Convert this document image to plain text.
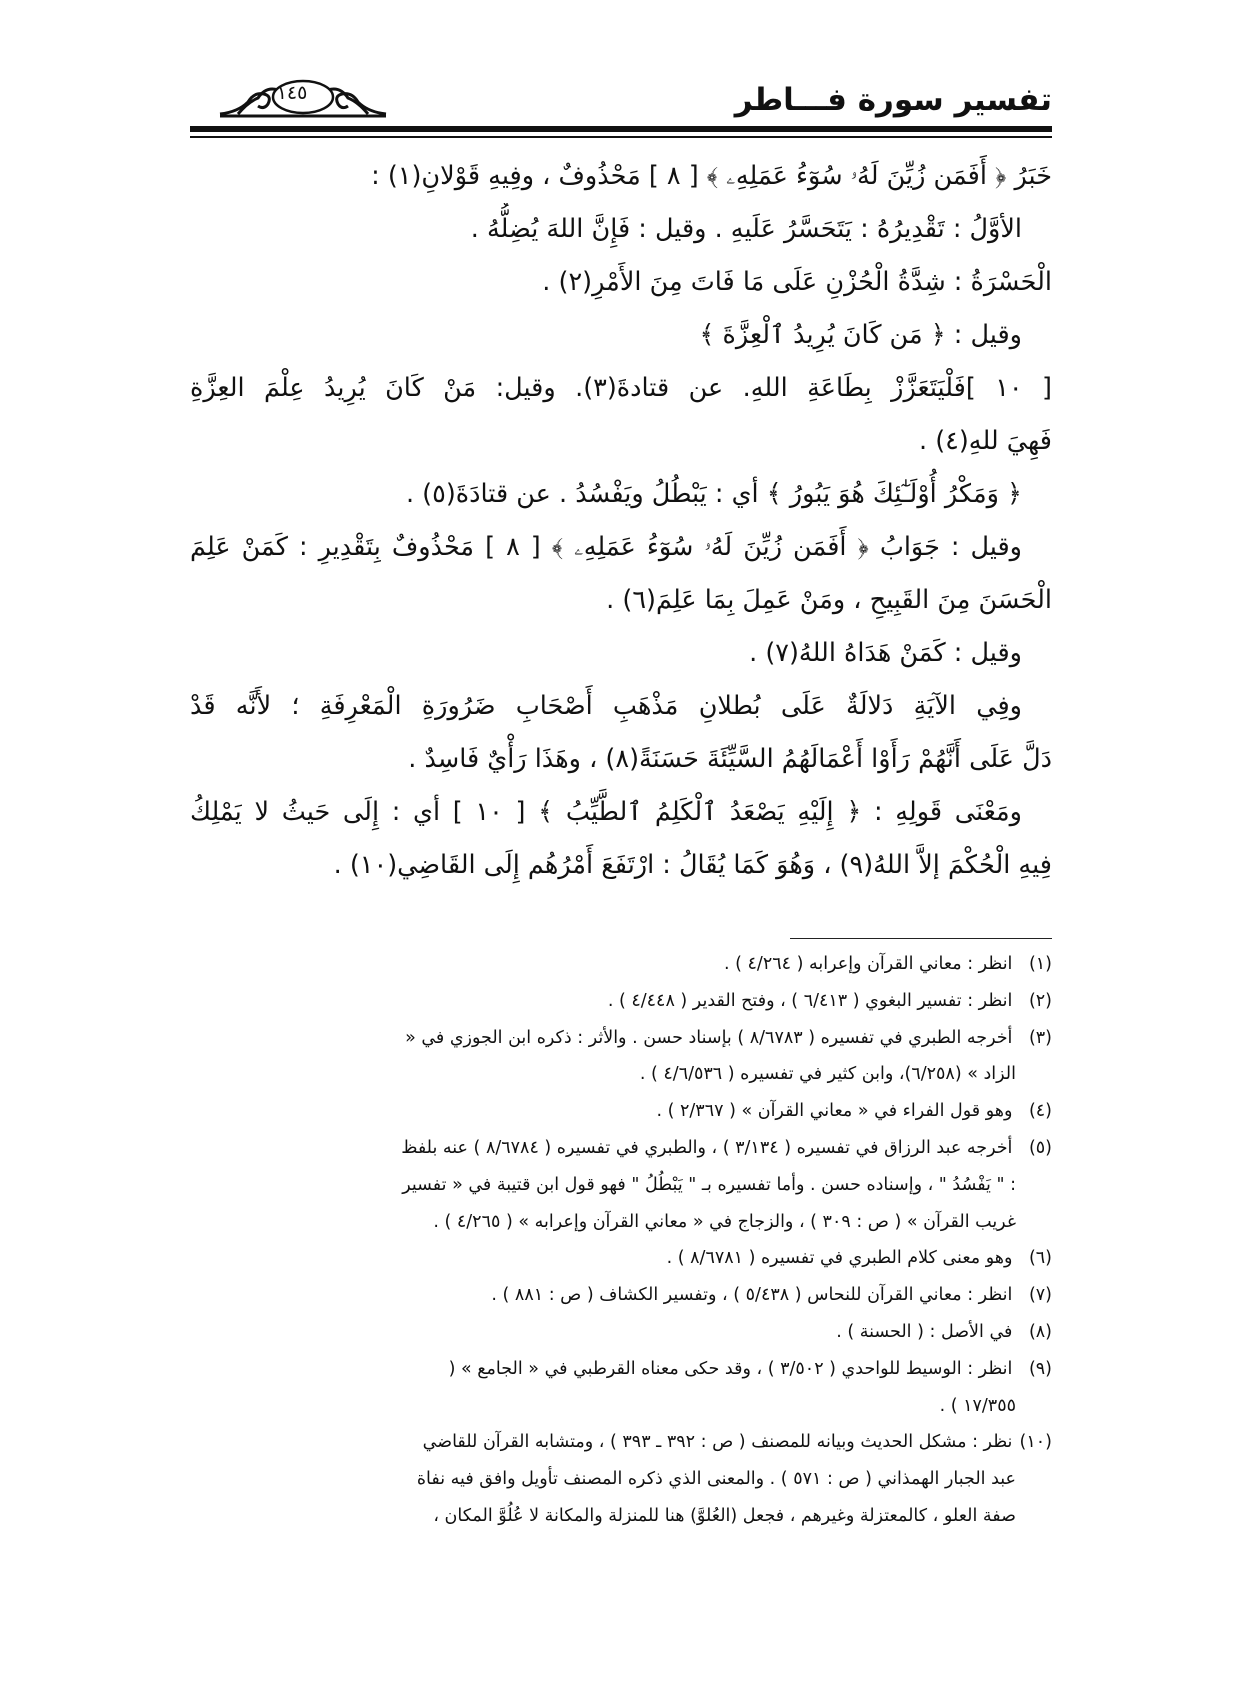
تفسير سورة فـــاطر
١٤٥
خَبَرُ ﴿ أَفَمَن زُيِّنَ لَهُۥ سُوٓءُ عَمَلِهِۦ ﴾ [ ٨ ] مَحْذُوفٌ ، وفِيهِ قَوْلانِ(١) :
الأوَّلُ : تَقْدِيرُهُ : يَتَحَسَّرُ عَلَيهِ . وقيل : فَإِنَّ اللهَ يُضِلُّهُ .
الْحَسْرَةُ : شِدَّةُ الْحُزْنِ عَلَى مَا فَاتَ مِنَ الأَمْرِ(٢) .
وقيل : ﴿ مَن كَانَ يُرِيدُ ٱلْعِزَّةَ ﴾
[ ١٠ ]فَلْيَتَعَزَّزْ بِطَاعَةِ اللهِ. عن قتادةَ(٣). وقيل: مَنْ كَانَ يُرِيدُ عِلْمَ العِزَّةِ
فَهِيَ للهِ(٤) .
﴿ وَمَكْرُ أُوْلَـٰٓئِكَ هُوَ يَبُورُ ﴾ أي : يَبْطُلُ ويَفْسُدُ . عن قتادَةَ(٥) .
وقيل : جَوَابُ ﴿ أَفَمَن زُيِّنَ لَهُۥ سُوٓءُ عَمَلِهِۦ ﴾ [ ٨ ] مَحْذُوفٌ بِتَقْدِيرِ : كَمَنْ عَلِمَ
الْحَسَنَ مِنَ القَبِيحِ ، ومَنْ عَمِلَ بِمَا عَلِمَ(٦) .
وقيل : كَمَنْ هَدَاهُ اللهُ(٧) .
وفِي الآيَةِ دَلالَةٌ عَلَى بُطلانِ مَذْهَبِ أَصْحَابِ ضَرُورَةِ الْمَعْرِفَةِ ؛ لأَنَّه قَدْ
دَلَّ عَلَى أَنَّهُمْ رَأَوْا أَعْمَالَهُمُ السَّيِّئَةَ حَسَنَةً(٨) ، وهَذَا رَأْيٌ فَاسِدٌ .
ومَعْنَى قَولِهِ : ﴿ إِلَيْهِ يَصْعَدُ ٱلْكَلِمُ ٱلطَّيِّبُ ﴾ [ ١٠ ] أي : إِلَى حَيثُ لا يَمْلِكُ
فِيهِ الْحُكْمَ إلاَّ اللهُ(٩) ، وَهُوَ كَمَا يُقَالُ : ارْتَفَعَ أَمْرُهُم إِلَى القَاضِي(١٠) .
(١) انظر : معاني القرآن وإعرابه ( ٤/٢٦٤ ) .
(٢) انظر : تفسير البغوي ( ٦/٤١٣ ) ، وفتح القدير ( ٤/٤٤٨ ) .
(٣) أخرجه الطبري في تفسيره ( ٨/٦٧٨٣ ) بإسناد حسن . والأثر : ذكره ابن الجوزي في «
الزاد » (٦/٢٥٨)، وابن كثير في تفسيره ( ٤/٦/٥٣٦ ) .
(٤) وهو قول الفراء في « معاني القرآن » ( ٢/٣٦٧ ) .
(٥) أخرجه عبد الرزاق في تفسيره ( ٣/١٣٤ ) ، والطبري في تفسيره ( ٨/٦٧٨٤ ) عنه بلفظ
: " يَفْسُدُ " ، وإسناده حسن . وأما تفسيره بـ " يَبْطُلُ " فهو قول ابن قتيبة في « تفسير
غريب القرآن » ( ص : ٣٠٩ ) ، والزجاج في « معاني القرآن وإعرابه » ( ٤/٢٦٥ ) .
(٦) وهو معنى كلام الطبري في تفسيره ( ٨/٦٧٨١ ) .
(٧) انظر : معاني القرآن للنحاس ( ٥/٤٣٨ ) ، وتفسير الكشاف ( ص : ٨٨١ ) .
(٨) في الأصل : ( الحسنة ) .
(٩) انظر : الوسيط للواحدي ( ٣/٥٠٢ ) ، وقد حكى معناه القرطبي في « الجامع » (
١٧/٣٥٥ ) .
(١٠) نظر : مشكل الحديث وبيانه للمصنف ( ص : ٣٩٢ ـ ٣٩٣ ) ، ومتشابه القرآن للقاضي
عبد الجبار الهمذاني ( ص : ٥٧١ ) . والمعنى الذي ذكره المصنف تأويل وافق فيه نفاة
صفة العلو ، كالمعتزلة وغيرهم ، فجعل (العُلوَّ) هنا للمنزلة والمكانة لا عُلُوَّ المكان ،
